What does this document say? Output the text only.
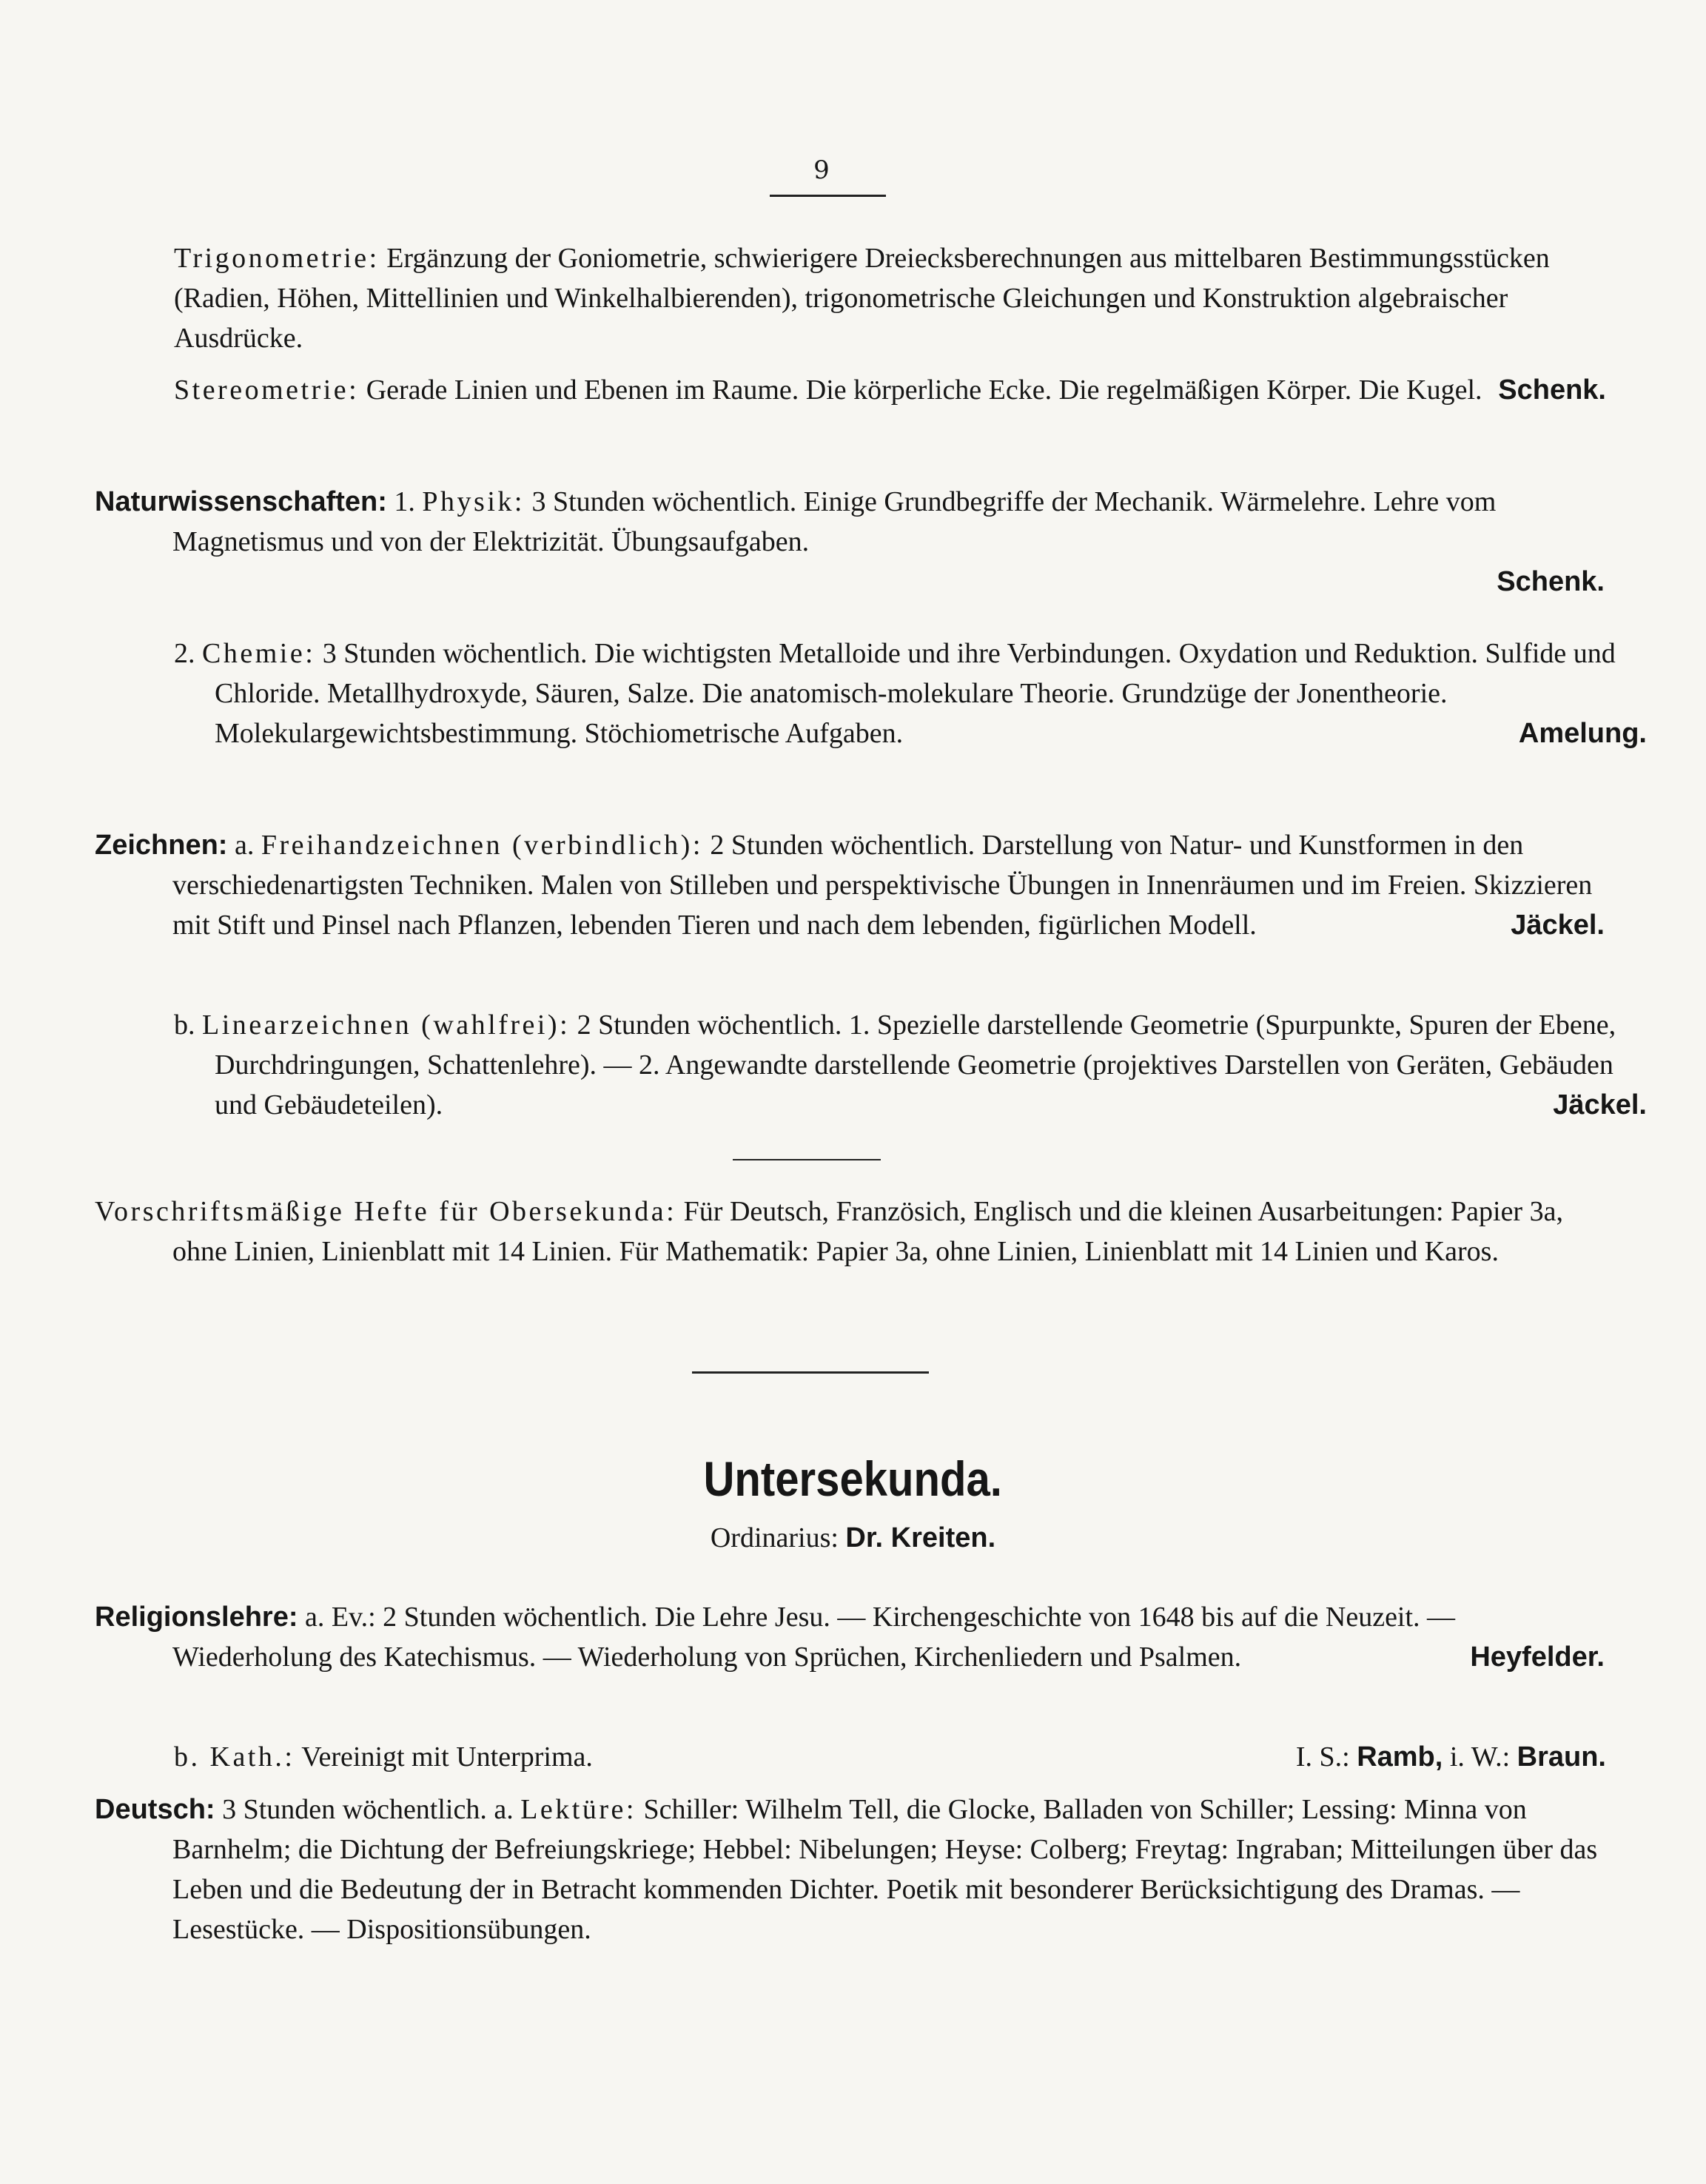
9
Trigonometrie: Ergänzung der Goniometrie, schwierigere Dreiecksberechnungen aus mittelbaren Bestimmungsstücken (Radien, Höhen, Mittellinien und Winkelhalbierenden), trigonometrische Gleichungen und Konstruktion algebraischer Ausdrücke.
Stereometrie: Gerade Linien und Ebenen im Raume. Die körperliche Ecke. Die regelmäßigen Körper. Die Kugel. Schenk.
Naturwissenschaften: 1. Physik: 3 Stunden wöchentlich. Einige Grundbegriffe der Mechanik. Wärmelehre. Lehre vom Magnetismus und von der Elektrizität. Übungsaufgaben.

Schenk.
2. Chemie: 3 Stunden wöchentlich. Die wichtigsten Metalloide und ihre Verbindungen. Oxydation und Reduktion. Sulfide und Chloride. Metallhydroxyde, Säuren, Salze. Die anatomisch-molekulare Theorie. Grundzüge der Jonentheorie. Molekulargewichtsbestimmung. Stöchiometrische Aufgaben.	Amelung.
Zeichnen: a. Freihandzeichnen (verbindlich): 2 Stunden wöchentlich. Darstellung von Natur- und Kunstformen in den verschiedenartigsten Techniken. Malen von Stilleben und perspektivische Übungen in Innenräumen und im Freien. Skizzieren mit Stift und Pinsel nach Pflanzen, lebenden Tieren und nach dem lebenden, figürlichen Modell.	Jäckel.
b. Linearzeichnen (wahlfrei): 2 Stunden wöchentlich. 1. Spezielle darstellende Geometrie (Spurpunkte, Spuren der Ebene, Durchdringungen, Schattenlehre). — 2. Angewandte darstellende Geometrie (projektives Darstellen von Geräten, Gebäuden und Gebäudeteilen).	Jäckel.
Vorschriftsmäßige Hefte für Obersekunda: Für Deutsch, Französich, Englisch und die kleinen Ausarbeitungen: Papier 3a, ohne Linien, Linienblatt mit 14 Linien. Für Mathematik: Papier 3a, ohne Linien, Linienblatt mit 14 Linien und Karos.
Untersekunda.
Ordinarius: Dr. Kreiten.
Religionslehre: a. Ev.: 2 Stunden wöchentlich. Die Lehre Jesu. — Kirchengeschichte von 1648 bis auf die Neuzeit. — Wiederholung des Katechismus. — Wiederholung von Sprüchen, Kirchenliedern und Psalmen.	Heyfelder.
b. Kath.: Vereinigt mit Unterprima.	I. S.: Ramb, i. W.: Braun.
Deutsch: 3 Stunden wöchentlich. a. Lektüre: Schiller: Wilhelm Tell, die Glocke, Balladen von Schiller; Lessing: Minna von Barnhelm; die Dichtung der Befreiungskriege; Hebbel: Nibelungen; Heyse: Colberg; Freytag: Ingraban; Mitteilungen über das Leben und die Bedeutung der in Betracht kommenden Dichter. Poetik mit besonderer Berücksichtigung des Dramas. — Lesestücke. — Dispositionsübungen.
